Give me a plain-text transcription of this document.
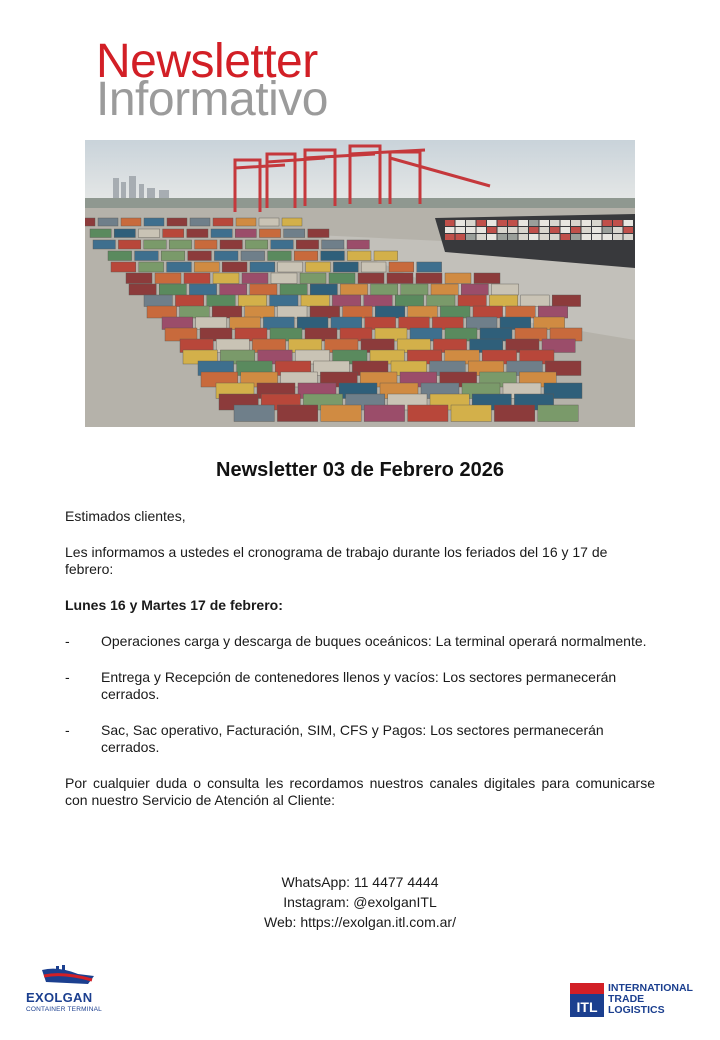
Newsletter
Informativo
Newsletter 03 de Febrero 2026
Estimados clientes,
Les informamos a ustedes el cronograma de trabajo durante los feriados del 16 y 17 de febrero:
Lunes 16 y Martes 17 de febrero:
- Operaciones carga y descarga de buques oceánicos: La terminal operará normalmente.
- Entrega y Recepción de contenedores llenos y vacíos: Los sectores permanecerán cerrados.
- Sac, Sac operativo, Facturación, SIM, CFS y Pagos: Los sectores permanecerán cerrados.
Por cualquier duda o consulta les recordamos nuestros canales digitales para comunicarse con nuestro Servicio de Atención al Cliente:
WhatsApp: 11 4477 4444
Instagram: @exolganITL
Web: https://exolgan.itl.com.ar/
EXOLGAN
CONTAINER TERMINAL	ITL
INTERNATIONAL
TRADE
LOGISTICS
